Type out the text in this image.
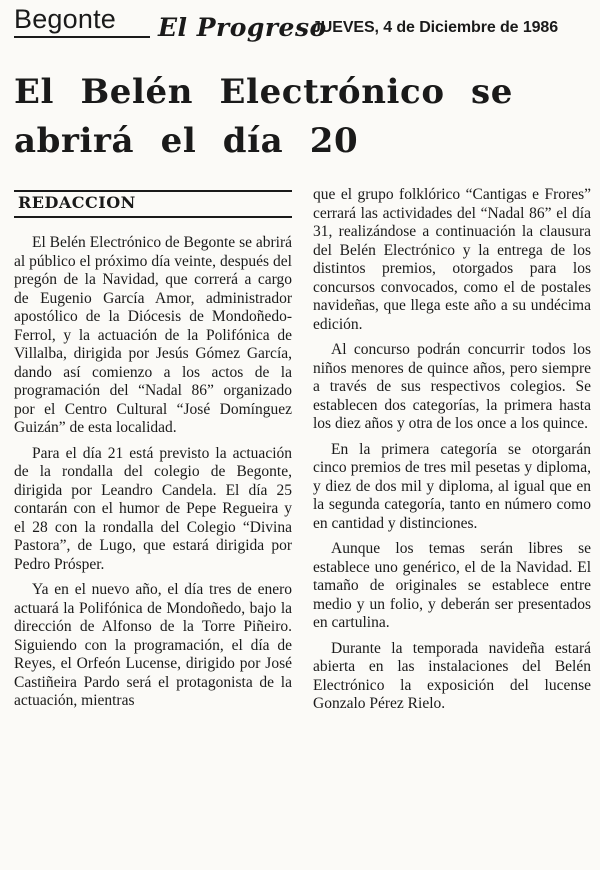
Begonte El Progreso
JUEVES, 4 de Diciembre de 1986
El Belén Electrónico se abrirá el día 20
REDACCION

El Belén Electrónico de Begonte se abrirá al público el próximo día veinte, después del pregón de la Navidad, que correrá a cargo de Eugenio García Amor, administrador apostólico de la Diócesis de Mondoñedo-Ferrol, y la actuación de la Polifónica de Villalba, dirigida por Jesús Gómez García, dando así comienzo a los actos de la programación del “Nadal 86” organizado por el Centro Cultural “José Domínguez Guizán” de esta localidad.

Para el día 21 está previsto la actuación de la rondalla del colegio de Begonte, dirigida por Leandro Candela. El día 25 contarán con el humor de Pepe Regueira y el 28 con la rondalla del Colegio “Divina Pastora”, de Lugo, que estará dirigida por Pedro Prósper.

Ya en el nuevo año, el día tres de enero actuará la Polifónica de Mondoñedo, bajo la dirección de Alfonso de la Torre Piñeiro. Siguiendo con la programación, el día de Reyes, el Orfeón Lucense, dirigido por José Castiñeira Pardo será el protagonista de la actuación, mientras

que el grupo folklórico “Cantigas e Frores” cerrará las actividades del “Nadal 86” el día 31, realizándose a continuación la clausura del Belén Electrónico y la entrega de los distintos premios, otorgados para los concursos convocados, como el de postales navideñas, que llega este año a su undécima edición.

Al concurso podrán concurrir todos los niños menores de quince años, pero siempre a través de sus respectivos colegios. Se establecen dos categorías, la primera hasta los diez años y otra de los once a los quince.

En la primera categoría se otorgarán cinco premios de tres mil pesetas y diploma, y diez de dos mil y diploma, al igual que en la segunda categoría, tanto en número como en cantidad y distinciones.

Aunque los temas serán libres se establece uno genérico, el de la Navidad. El tamaño de originales se establece entre medio y un folio, y deberán ser presentados en cartulina.

Durante la temporada navideña estará abierta en las instalaciones del Belén Electrónico la exposición del lucense Gonzalo Pérez Rielo.
